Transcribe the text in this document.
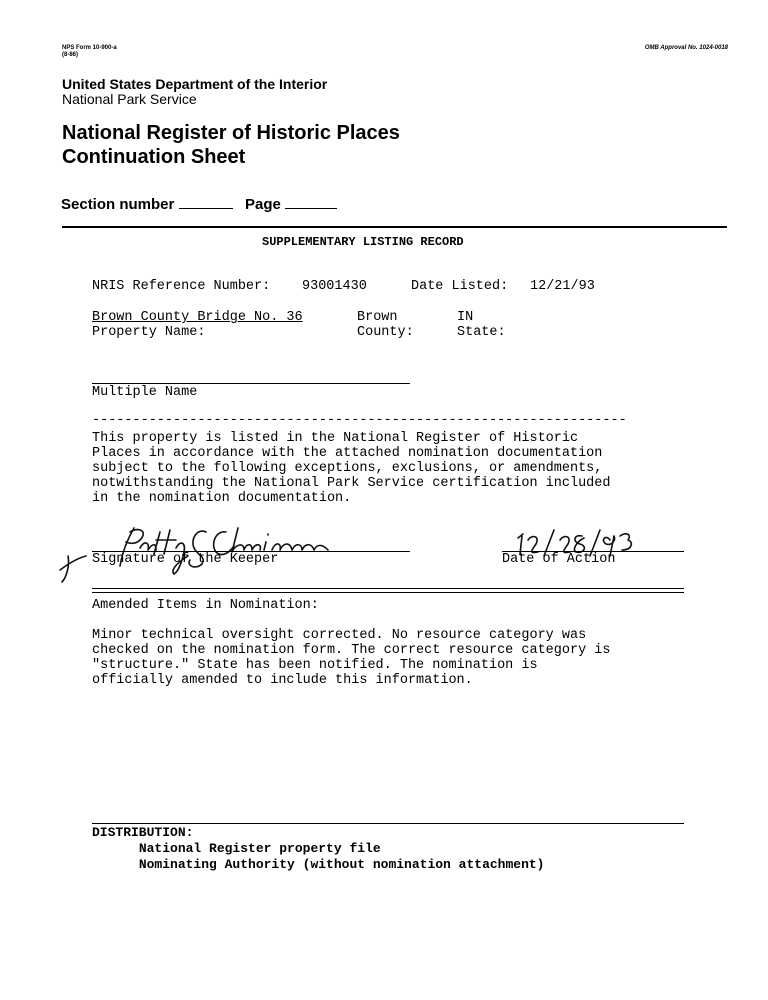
NPS Form 10-900-a
(8-86)
OMB Approval No. 1024-0018
United States Department of the Interior
National Park Service
National Register of Historic Places
Continuation Sheet
Section number	Page
SUPPLEMENTARY LISTING RECORD
NRIS Reference Number: 93001430	Date Listed: 12/21/93
Brown County Bridge No. 36	Brown	IN
Property Name:	County:	State:
Multiple Name
------------------------------------------------------------------
This property is listed in the National Register of Historic
Places in accordance with the attached nomination documentation
subject to the following exceptions, exclusions, or amendments,
notwithstanding the National Park Service certification included
in the nomination documentation.
Signature of the Keeper	Date of Action
Amended Items in Nomination:
Minor technical oversight corrected. No resource category was
checked on the nomination form. The correct resource category is
"structure." State has been notified. The nomination is
officially amended to include this information.
DISTRIBUTION:
National Register property file
Nominating Authority (without nomination attachment)
